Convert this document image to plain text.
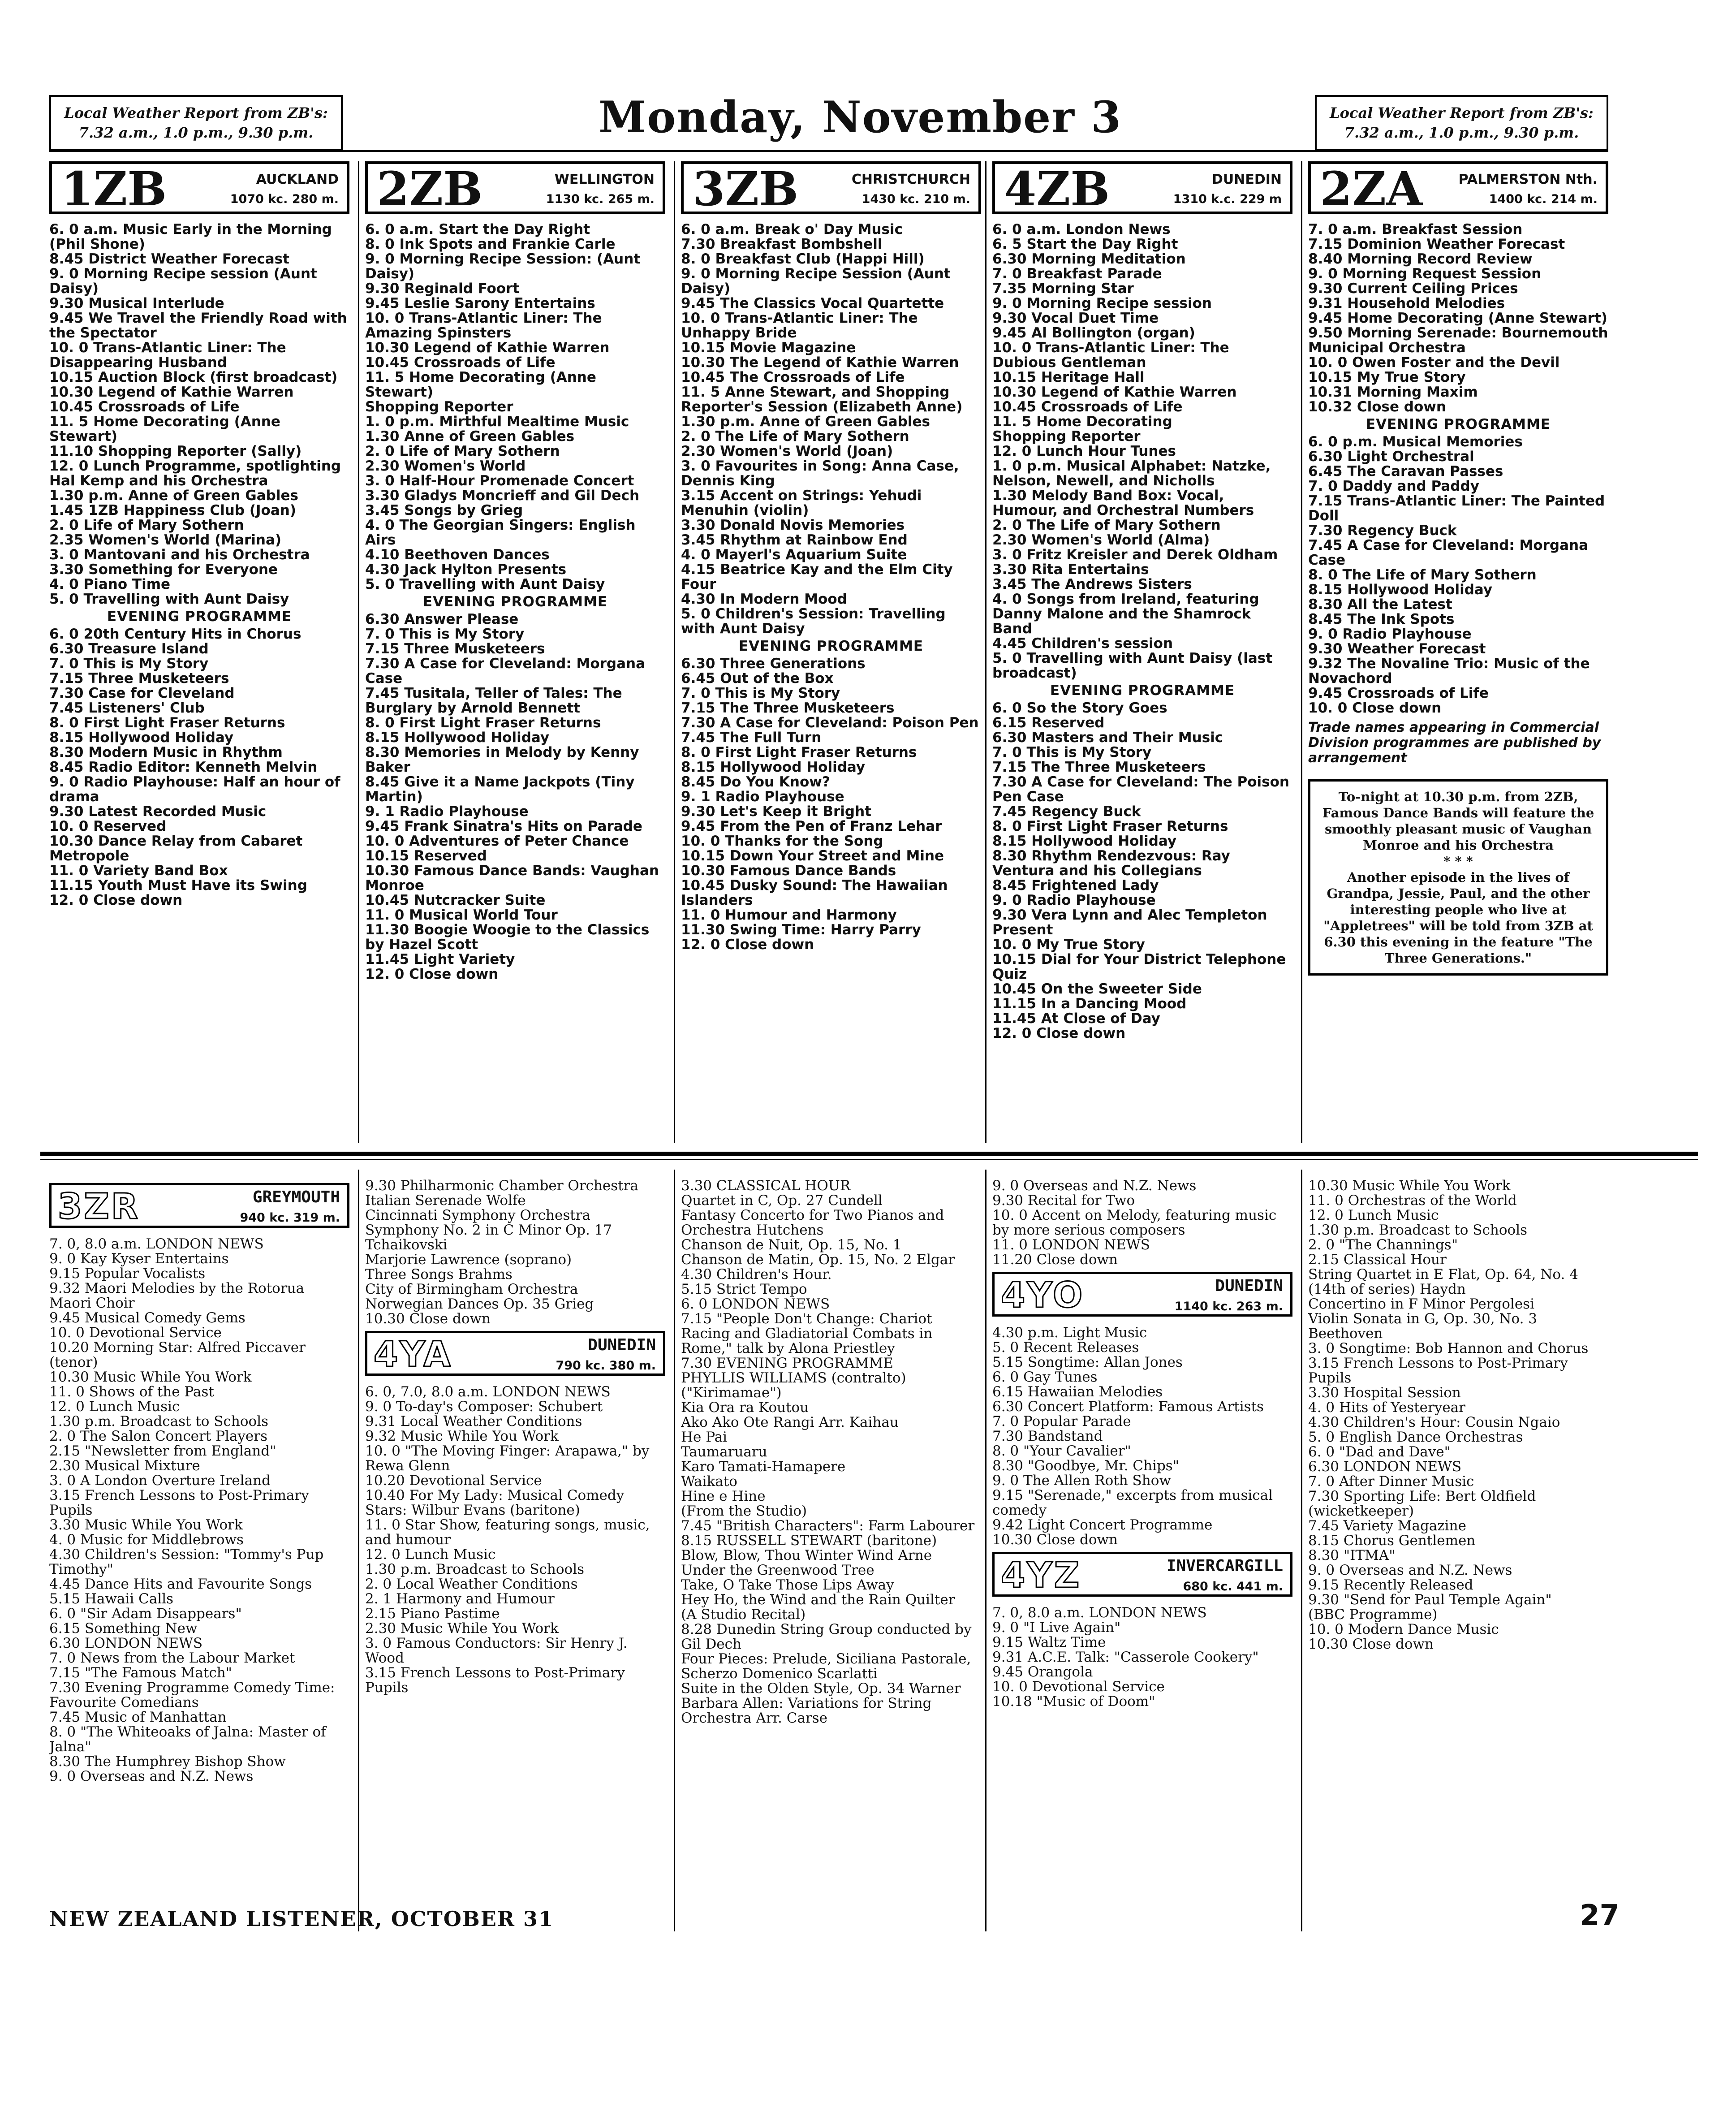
Local Weather Report from ZB's:
7.32 a.m., 1.0 p.m., 9.30 p.m.	Monday, November 3	Local Weather Report from ZB's:
7.32 a.m., 1.0 p.m., 9.30 p.m.
1ZB	AUCKLAND
1070 kc. 280 m.
6. 0 a.m. Music Early in the Morning (Phil Shone)
8.45 District Weather Forecast
9. 0 Morning Recipe session (Aunt Daisy)
9.30 Musical Interlude
9.45 We Travel the Friendly Road with the Spectator
10. 0 Trans-Atlantic Liner: The Disappearing Husband
10.15 Auction Block (first broadcast)
10.30 Legend of Kathie Warren
10.45 Crossroads of Life
11. 5 Home Decorating (Anne Stewart)
11.10 Shopping Reporter (Sally)
12. 0 Lunch Programme, spotlighting Hal Kemp and his Orchestra
1.30 p.m. Anne of Green Gables
1.45 1ZB Happiness Club (Joan)
2. 0 Life of Mary Sothern
2.35 Women's World (Marina)
3. 0 Mantovani and his Orchestra
3.30 Something for Everyone
4. 0 Piano Time
5. 0 Travelling with Aunt Daisy
EVENING PROGRAMME
6. 0 20th Century Hits in Chorus
6.30 Treasure Island
7. 0 This is My Story
7.15 Three Musketeers
7.30 Case for Cleveland
7.45 Listeners' Club
8. 0 First Light Fraser Returns
8.15 Hollywood Holiday
8.30 Modern Music in Rhythm
8.45 Radio Editor: Kenneth Melvin
9. 0 Radio Playhouse: Half an hour of drama
9.30 Latest Recorded Music
10. 0 Reserved
10.30 Dance Relay from Cabaret Metropole
11. 0 Variety Band Box
11.15 Youth Must Have its Swing
12. 0 Close down
2ZB	WELLINGTON
1130 kc. 265 m.
6. 0 a.m. Start the Day Right
8. 0 Ink Spots and Frankie Carle
9. 0 Morning Recipe Session: (Aunt Daisy)
9.30 Reginald Foort
9.45 Leslie Sarony Entertains
10. 0 Trans-Atlantic Liner: The Amazing Spinsters
10.30 Legend of Kathie Warren
10.45 Crossroads of Life
11. 5 Home Decorating (Anne Stewart)
Shopping Reporter
1. 0 p.m. Mirthful Mealtime Music
1.30 Anne of Green Gables
2. 0 Life of Mary Sothern
2.30 Women's World
3. 0 Half-Hour Promenade Concert
3.30 Gladys Moncrieff and Gil Dech
3.45 Songs by Grieg
4. 0 The Georgian Singers: English Airs
4.10 Beethoven Dances
4.30 Jack Hylton Presents
5. 0 Travelling with Aunt Daisy
EVENING PROGRAMME
6.30 Answer Please
7. 0 This is My Story
7.15 Three Musketeers
7.30 A Case for Cleveland: Morgana Case
7.45 Tusitala, Teller of Tales: The Burglary by Arnold Bennett
8. 0 First Light Fraser Returns
8.15 Hollywood Holiday
8.30 Memories in Melody by Kenny Baker
8.45 Give it a Name Jackpots (Tiny Martin)
9. 1 Radio Playhouse
9.45 Frank Sinatra's Hits on Parade
10. 0 Adventures of Peter Chance
10.15 Reserved
10.30 Famous Dance Bands: Vaughan Monroe
10.45 Nutcracker Suite
11. 0 Musical World Tour
11.30 Boogie Woogie to the Classics by Hazel Scott
11.45 Light Variety
12. 0 Close down
3ZB	CHRISTCHURCH
1430 kc. 210 m.
6. 0 a.m. Break o' Day Music
7.30 Breakfast Bombshell
8. 0 Breakfast Club (Happi Hill)
9. 0 Morning Recipe Session (Aunt Daisy)
9.45 The Classics Vocal Quartette
10. 0 Trans-Atlantic Liner: The Unhappy Bride
10.15 Movie Magazine
10.30 The Legend of Kathie Warren
10.45 The Crossroads of Life
11. 5 Anne Stewart, and Shopping Reporter's Session (Elizabeth Anne)
1.30 p.m. Anne of Green Gables
2. 0 The Life of Mary Sothern
2.30 Women's World (Joan)
3. 0 Favourites in Song: Anna Case, Dennis King
3.15 Accent on Strings: Yehudi Menuhin (violin)
3.30 Donald Novis Memories
3.45 Rhythm at Rainbow End
4. 0 Mayerl's Aquarium Suite
4.15 Beatrice Kay and the Elm City Four
4.30 In Modern Mood
5. 0 Children's Session: Travelling with Aunt Daisy
EVENING PROGRAMME
6.30 Three Generations
6.45 Out of the Box
7. 0 This is My Story
7.15 The Three Musketeers
7.30 A Case for Cleveland: Poison Pen
7.45 The Full Turn
8. 0 First Light Fraser Returns
8.15 Hollywood Holiday
8.45 Do You Know?
9. 1 Radio Playhouse
9.30 Let's Keep it Bright
9.45 From the Pen of Franz Lehar
10. 0 Thanks for the Song
10.15 Down Your Street and Mine
10.30 Famous Dance Bands
10.45 Dusky Sound: The Hawaiian Islanders
11. 0 Humour and Harmony
11.30 Swing Time: Harry Parry
12. 0 Close down
4ZB	DUNEDIN
1310 k.c. 229 m
6. 0 a.m. London News
6. 5 Start the Day Right
6.30 Morning Meditation
7. 0 Breakfast Parade
7.35 Morning Star
9. 0 Morning Recipe session
9.30 Vocal Duet Time
9.45 Al Bollington (organ)
10. 0 Trans-Atlantic Liner: The Dubious Gentleman
10.15 Heritage Hall
10.30 Legend of Kathie Warren
10.45 Crossroads of Life
11. 5 Home Decorating
Shopping Reporter
12. 0 Lunch Hour Tunes
1. 0 p.m. Musical Alphabet: Natzke, Nelson, Newell, and Nicholls
1.30 Melody Band Box: Vocal, Humour, and Orchestral Numbers
2. 0 The Life of Mary Sothern
2.30 Women's World (Alma)
3. 0 Fritz Kreisler and Derek Oldham
3.30 Rita Entertains
3.45 The Andrews Sisters
4. 0 Songs from Ireland, featuring Danny Malone and the Shamrock Band
4.45 Children's session
5. 0 Travelling with Aunt Daisy (last broadcast)
EVENING PROGRAMME
6. 0 So the Story Goes
6.15 Reserved
6.30 Masters and Their Music
7. 0 This is My Story
7.15 The Three Musketeers
7.30 A Case for Cleveland: The Poison Pen Case
7.45 Regency Buck
8. 0 First Light Fraser Returns
8.15 Hollywood Holiday
8.30 Rhythm Rendezvous: Ray Ventura and his Collegians
8.45 Frightened Lady
9. 0 Radio Playhouse
9.30 Vera Lynn and Alec Templeton Present
10. 0 My True Story
10.15 Dial for Your District Telephone Quiz
10.45 On the Sweeter Side
11.15 In a Dancing Mood
11.45 At Close of Day
12. 0 Close down
2ZA	PALMERSTON Nth.
1400 kc. 214 m.
7. 0 a.m. Breakfast Session
7.15 Dominion Weather Forecast
8.40 Morning Record Review
9. 0 Morning Request Session
9.30 Current Ceiling Prices
9.31 Household Melodies
9.45 Home Decorating (Anne Stewart)
9.50 Morning Serenade: Bournemouth Municipal Orchestra
10. 0 Owen Foster and the Devil
10.15 My True Story
10.31 Morning Maxim
10.32 Close down
EVENING PROGRAMME
6. 0 p.m. Musical Memories
6.30 Light Orchestral
6.45 The Caravan Passes
7. 0 Daddy and Paddy
7.15 Trans-Atlantic Liner: The Painted Doll
7.30 Regency Buck
7.45 A Case for Cleveland: Morgana Case
8. 0 The Life of Mary Sothern
8.15 Hollywood Holiday
8.30 All the Latest
8.45 The Ink Spots
9. 0 Radio Playhouse
9.30 Weather Forecast
9.32 The Novaline Trio: Music of the Novachord
9.45 Crossroads of Life
10. 0 Close down
Trade names appearing in Commercial Division programmes are published by arrangement
To-night at 10.30 p.m. from 2ZB, Famous Dance Bands will feature the smoothly pleasant music of Vaughan Monroe and his Orchestra
* * *
Another episode in the lives of Grandpa, Jessie, Paul, and the other interesting people who live at "Appletrees" will be told from 3ZB at 6.30 this evening in the feature "The Three Generations."
3ZR	GREYMOUTH
940 kc. 319 m.
7. 0, 8.0 a.m. LONDON NEWS
9. 0 Kay Kyser Entertains
9.15 Popular Vocalists
9.32 Maori Melodies by the Rotorua Maori Choir
9.45 Musical Comedy Gems
10. 0 Devotional Service
10.20 Morning Star: Alfred Piccaver (tenor)
10.30 Music While You Work
11. 0 Shows of the Past
12. 0 Lunch Music
1.30 p.m. Broadcast to Schools
2. 0 The Salon Concert Players
2.15 "Newsletter from England"
2.30 Musical Mixture
3. 0 A London Overture Ireland
3.15 French Lessons to Post-Primary Pupils
3.30 Music While You Work
4. 0 Music for Middlebrows
4.30 Children's Session: "Tommy's Pup Timothy"
4.45 Dance Hits and Favourite Songs
5.15 Hawaii Calls
6. 0 "Sir Adam Disappears"
6.15 Something New
6.30 LONDON NEWS
7. 0 News from the Labour Market
7.15 "The Famous Match"
7.30 Evening Programme Comedy Time: Favourite Comedians
7.45 Music of Manhattan
8. 0 "The Whiteoaks of Jalna: Master of Jalna"
8.30 The Humphrey Bishop Show
9. 0 Overseas and N.Z. News
9.30 Philharmonic Chamber Orchestra
Italian Serenade Wolfe
Cincinnati Symphony Orchestra
Symphony No. 2 in C Minor Op. 17 Tchaikovski
Marjorie Lawrence (soprano)
Three Songs Brahms
City of Birmingham Orchestra
Norwegian Dances Op. 35 Grieg
10.30 Close down
4YA	DUNEDIN
790 kc. 380 m.
6. 0, 7.0, 8.0 a.m. LONDON NEWS
9. 0 To-day's Composer: Schubert
9.31 Local Weather Conditions
9.32 Music While You Work
10. 0 "The Moving Finger: Arapawa," by Rewa Glenn
10.20 Devotional Service
10.40 For My Lady: Musical Comedy Stars: Wilbur Evans (baritone)
11. 0 Star Show, featuring songs, music, and humour
12. 0 Lunch Music
1.30 p.m. Broadcast to Schools
2. 0 Local Weather Conditions
2. 1 Harmony and Humour
2.15 Piano Pastime
2.30 Music While You Work
3. 0 Famous Conductors: Sir Henry J. Wood
3.15 French Lessons to Post-Primary Pupils
3.30 CLASSICAL HOUR
Quartet in C, Op. 27 Cundell
Fantasy Concerto for Two Pianos and Orchestra Hutchens
Chanson de Nuit, Op. 15, No. 1
Chanson de Matin, Op. 15, No. 2 Elgar
4.30 Children's Hour.
5.15 Strict Tempo
6. 0 LONDON NEWS
7.15 "People Don't Change: Chariot Racing and Gladiatorial Combats in Rome," talk by Alona Priestley
7.30 EVENING PROGRAMME
PHYLLIS WILLIAMS (contralto)
("Kirimamae")
Kia Ora ra Koutou
Ako Ako Ote Rangi Arr. Kaihau
He Pai
Taumaruaru
Karo Tamati-Hamapere
Waikato
Hine e Hine
(From the Studio)
7.45 "British Characters": Farm Labourer
8.15 RUSSELL STEWART (baritone)
Blow, Blow, Thou Winter Wind Arne
Under the Greenwood Tree
Take, O Take Those Lips Away
Hey Ho, the Wind and the Rain Quilter
(A Studio Recital)
8.28 Dunedin String Group conducted by Gil Dech
Four Pieces: Prelude, Siciliana Pastorale, Scherzo Domenico Scarlatti
Suite in the Olden Style, Op. 34 Warner
Barbara Allen: Variations for String Orchestra Arr. Carse
9. 0 Overseas and N.Z. News
9.30 Recital for Two
10. 0 Accent on Melody, featuring music by more serious composers
11. 0 LONDON NEWS
11.20 Close down
4YO	DUNEDIN
1140 kc. 263 m.
4.30 p.m. Light Music
5. 0 Recent Releases
5.15 Songtime: Allan Jones
6. 0 Gay Tunes
6.15 Hawaiian Melodies
6.30 Concert Platform: Famous Artists
7. 0 Popular Parade
7.30 Bandstand
8. 0 "Your Cavalier"
8.30 "Goodbye, Mr. Chips"
9. 0 The Allen Roth Show
9.15 "Serenade," excerpts from musical comedy
9.42 Light Concert Programme
10.30 Close down
4YZ	INVERCARGILL
680 kc. 441 m.
7. 0, 8.0 a.m. LONDON NEWS
9. 0 "I Live Again"
9.15 Waltz Time
9.31 A.C.E. Talk: "Casserole Cookery"
9.45 Orangola
10. 0 Devotional Service
10.18 "Music of Doom"
10.30 Music While You Work
11. 0 Orchestras of the World
12. 0 Lunch Music
1.30 p.m. Broadcast to Schools
2. 0 "The Channings"
2.15 Classical Hour
String Quartet in E Flat, Op. 64, No. 4 (14th of series) Haydn
Concertino in F Minor Pergolesi
Violin Sonata in G, Op. 30, No. 3 Beethoven
3. 0 Songtime: Bob Hannon and Chorus
3.15 French Lessons to Post-Primary Pupils
3.30 Hospital Session
4. 0 Hits of Yesteryear
4.30 Children's Hour: Cousin Ngaio
5. 0 English Dance Orchestras
6. 0 "Dad and Dave"
6.30 LONDON NEWS
7. 0 After Dinner Music
7.30 Sporting Life: Bert Oldfield (wicketkeeper)
7.45 Variety Magazine
8.15 Chorus Gentlemen
8.30 "ITMA"
9. 0 Overseas and N.Z. News
9.15 Recently Released
9.30 "Send for Paul Temple Again"
(BBC Programme)
10. 0 Modern Dance Music
10.30 Close down
NEW ZEALAND LISTENER, OCTOBER 31	27
